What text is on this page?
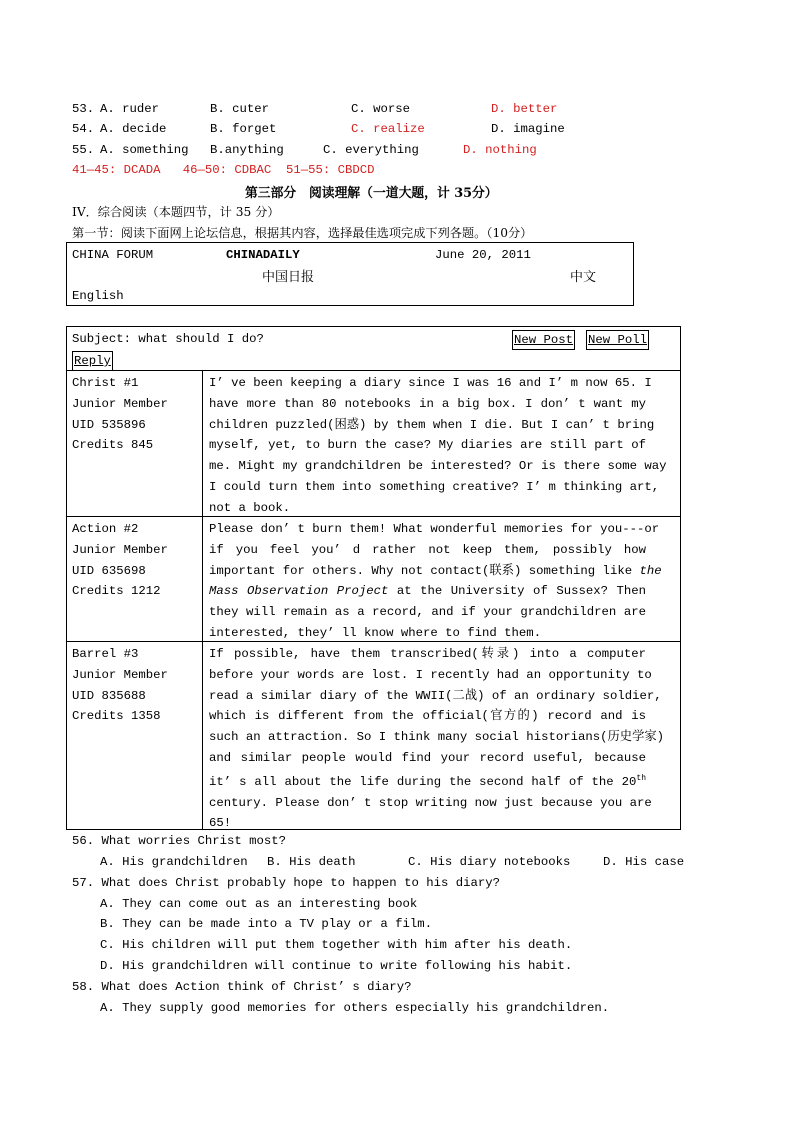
53. A. ruder	B. cuter	C. worse	D. better
54. A. decide	B. forget	C. realize	D. imagine
55. A. something B.anything	C. everything	D. nothing
41—45: DCADA   46—50: CDBAC  51—55: CBDCD
第三部分　阅读理解（一道大题，计 35分）
IV．综合阅读（本题四节，计 35 分）
第一节：阅读下面网上论坛信息，根据其内容，选择最佳选项完成下列各题。（10分）
CHINA FORUM	CHINADAILY	June 20, 2011
中国日报	中文
English
Subject: what should I do?	New Post New Poll
Reply
Christ #1
Junior Member
UID 535896
Credits 845
I’ ve been keeping a diary since I was 16 and I’ m now 65. I
have more than 80 notebooks in a big box. I don’ t want my
children puzzled(困惑) by them when I die. But I can’ t bring
myself, yet, to burn the case? My diaries are still part of
me. Might my grandchildren be interested? Or is there some way
I could turn them into something creative? I’ m thinking art,
not a book.
Action #2
Junior Member
UID 635698
Credits 1212
Please don’ t burn them! What wonderful memories for you---or
if you feel you’ d rather not keep them, possibly how
important for others. Why not contact(联系) something like the
Mass Observation Project at the University of Sussex? Then
they will remain as a record, and if your grandchildren are
interested, they’ ll know where to find them.
Barrel #3
Junior Member
UID 835688
Credits 1358
If possible, have them transcribed(转录) into a computer
before your words are lost. I recently had an opportunity to
read a similar diary of the WWII(二战) of an ordinary soldier,
which is different from the official(官方的) record and is
such an attraction. So I think many social historians(历史学家)
and similar people would find your record useful, because
it’ s all about the life during the second half of the 20th
century. Please don’ t stop writing now just because you are
65!
56. What worries Christ most?
A. His grandchildren B. His death	C. His diary notebooks	D. His case
57. What does Christ probably hope to happen to his diary?
A. They can come out as an interesting book
B. They can be made into a TV play or a film.
C. His children will put them together with him after his death.
D. His grandchildren will continue to write following his habit.
58. What does Action think of Christ’ s diary?
A. They supply good memories for others especially his grandchildren.
